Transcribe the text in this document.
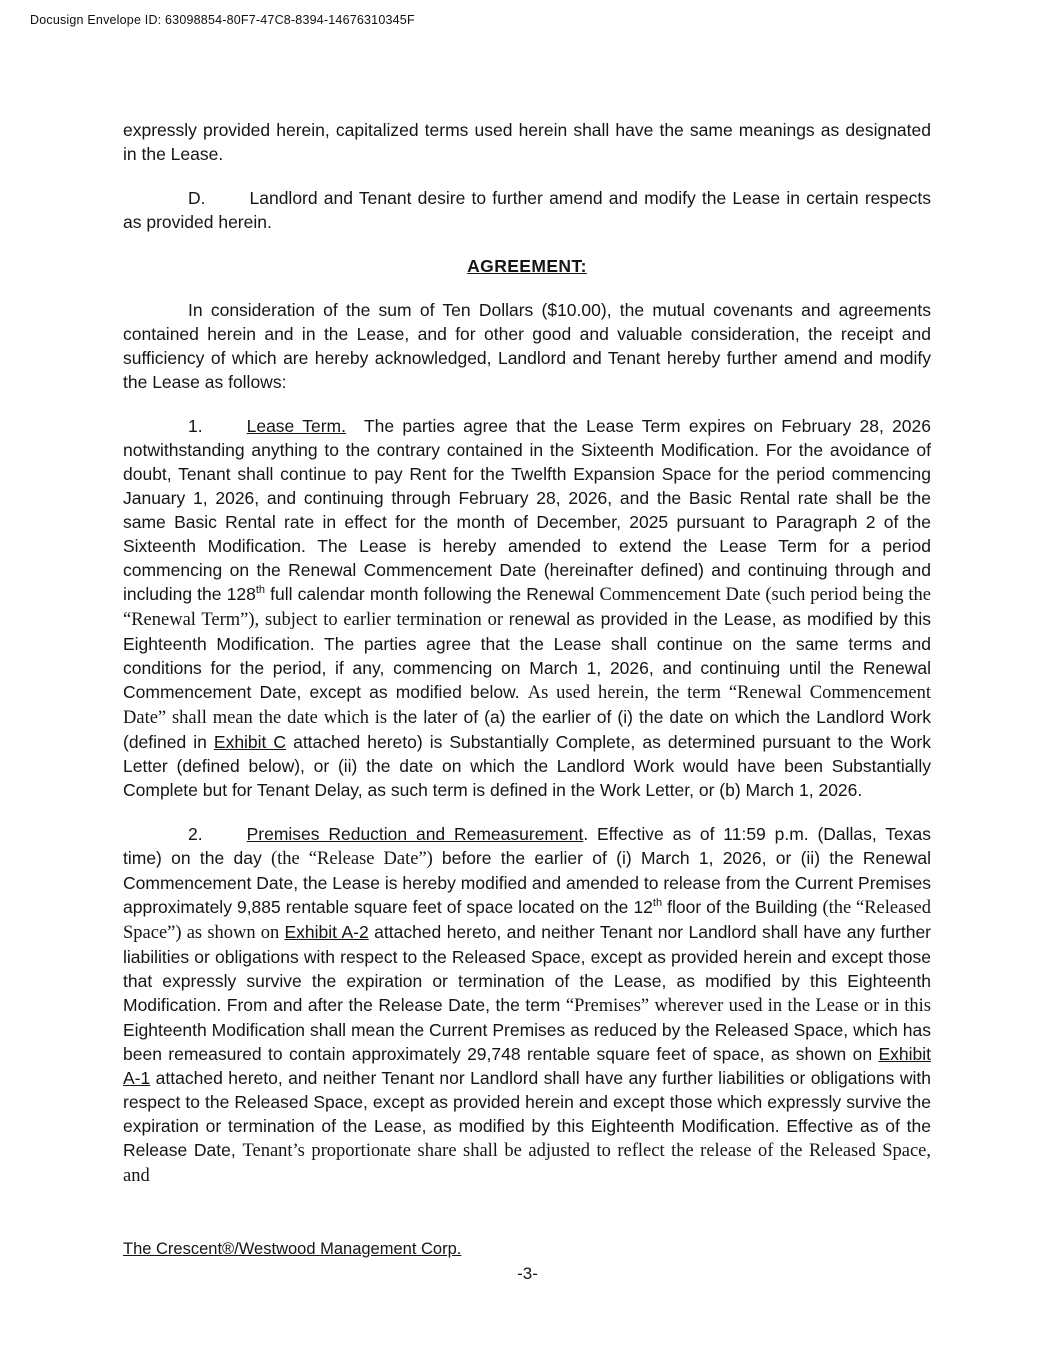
Docusign Envelope ID: 63098854-80F7-47C8-8394-14676310345F

expressly provided herein, capitalized terms used herein shall have the same meanings as designated in the Lease.

D.	Landlord and Tenant desire to further amend and modify the Lease in certain respects as provided herein.

AGREEMENT:

In consideration of the sum of Ten Dollars ($10.00), the mutual covenants and agreements contained herein and in the Lease, and for other good and valuable consideration, the receipt and sufficiency of which are hereby acknowledged, Landlord and Tenant hereby further amend and modify the Lease as follows:

1.	Lease Term. The parties agree that the Lease Term expires on February 28, 2026 notwithstanding anything to the contrary contained in the Sixteenth Modification. For the avoidance of doubt, Tenant shall continue to pay Rent for the Twelfth Expansion Space for the period commencing January 1, 2026, and continuing through February 28, 2026, and the Basic Rental rate shall be the same Basic Rental rate in effect for the month of December, 2025 pursuant to Paragraph 2 of the Sixteenth Modification. The Lease is hereby amended to extend the Lease Term for a period commencing on the Renewal Commencement Date (hereinafter defined) and continuing through and including the 128th full calendar month following the Renewal Commencement Date (such period being the “Renewal Term”), subject to earlier termination or renewal as provided in the Lease, as modified by this Eighteenth Modification. The parties agree that the Lease shall continue on the same terms and conditions for the period, if any, commencing on March 1, 2026, and continuing until the Renewal Commencement Date, except as modified below. As used herein, the term “Renewal Commencement Date” shall mean the date which is the later of (a) the earlier of (i) the date on which the Landlord Work (defined in Exhibit C attached hereto) is Substantially Complete, as determined pursuant to the Work Letter (defined below), or (ii) the date on which the Landlord Work would have been Substantially Complete but for Tenant Delay, as such term is defined in the Work Letter, or (b) March 1, 2026.

2.	Premises Reduction and Remeasurement. Effective as of 11:59 p.m. (Dallas, Texas time) on the day (the “Release Date”) before the earlier of (i) March 1, 2026, or (ii) the Renewal Commencement Date, the Lease is hereby modified and amended to release from the Current Premises approximately 9,885 rentable square feet of space located on the 12th floor of the Building (the “Released Space”) as shown on Exhibit A-2 attached hereto, and neither Tenant nor Landlord shall have any further liabilities or obligations with respect to the Released Space, except as provided herein and except those that expressly survive the expiration or termination of the Lease, as modified by this Eighteenth Modification. From and after the Release Date, the term “Premises” wherever used in the Lease or in this Eighteenth Modification shall mean the Current Premises as reduced by the Released Space, which has been remeasured to contain approximately 29,748 rentable square feet of space, as shown on Exhibit A-1 attached hereto, and neither Tenant nor Landlord shall have any further liabilities or obligations with respect to the Released Space, except as provided herein and except those which expressly survive the expiration or termination of the Lease, as modified by this Eighteenth Modification. Effective as of the Release Date, Tenant’s proportionate share shall be adjusted to reflect the release of the Released Space, and

The Crescent®/Westwood Management Corp.
-3-
